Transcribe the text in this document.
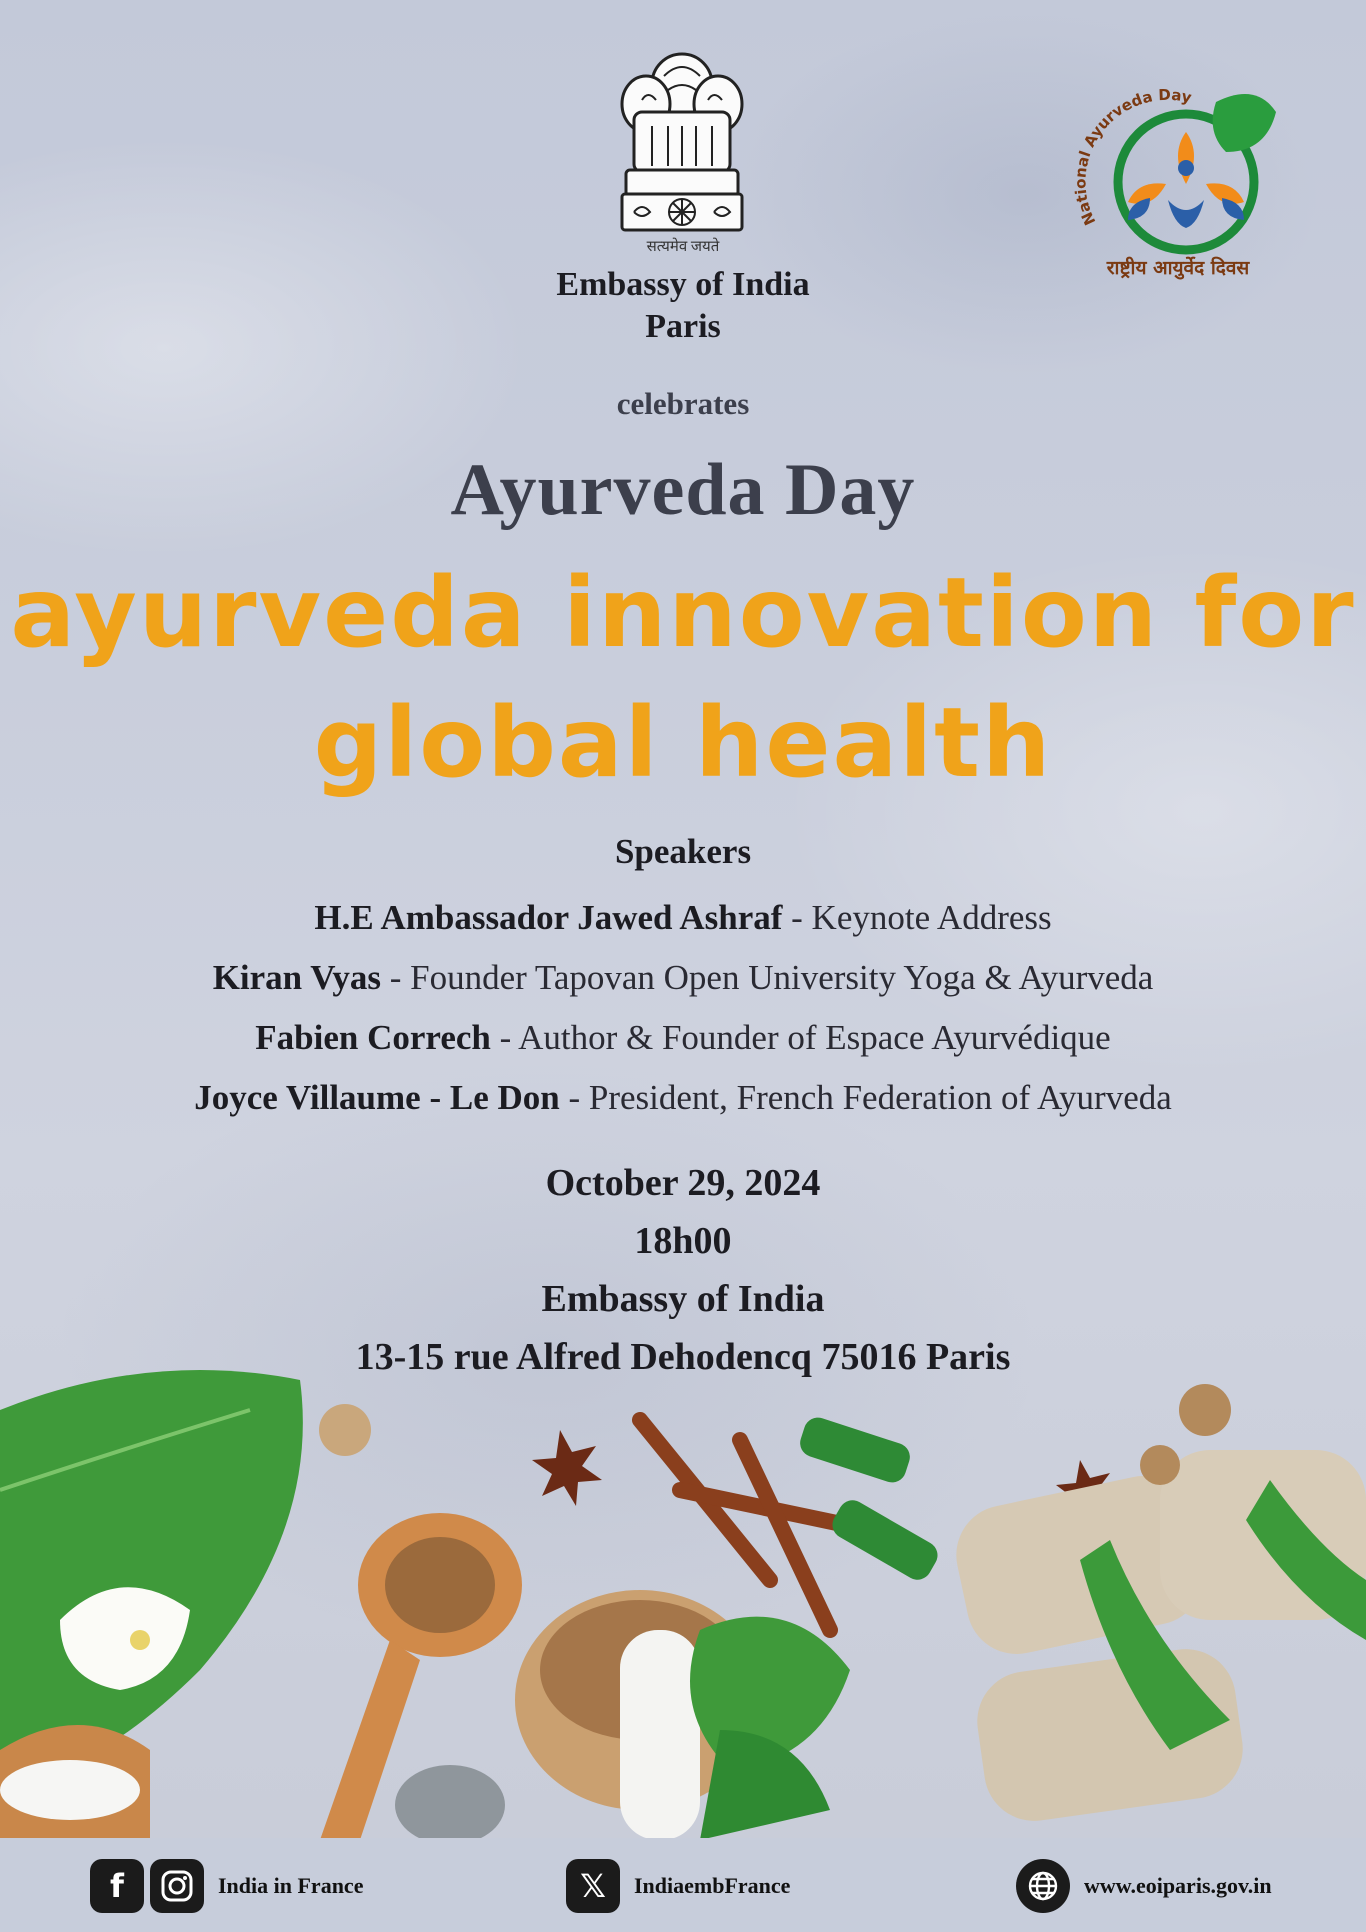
सत्यमेव जयते
Embassy of India
Paris
National Ayurveda Day
राष्ट्रीय आयुर्वेद दिवस
celebrates
Ayurveda Day
ayurveda innovation for
global health
Speakers
H.E Ambassador Jawed Ashraf - Keynote Address
Kiran Vyas - Founder Tapovan Open University Yoga & Ayurveda
Fabien Correch - Author & Founder of Espace Ayurvédique
Joyce Villaume - Le Don - President, French Federation of Ayurveda
October 29, 2024
18h00
Embassy of India
13-15 rue Alfred Dehodencq 75016 Paris
f	India in France	𝕏	IndiaembFrance	www.eoiparis.gov.in
